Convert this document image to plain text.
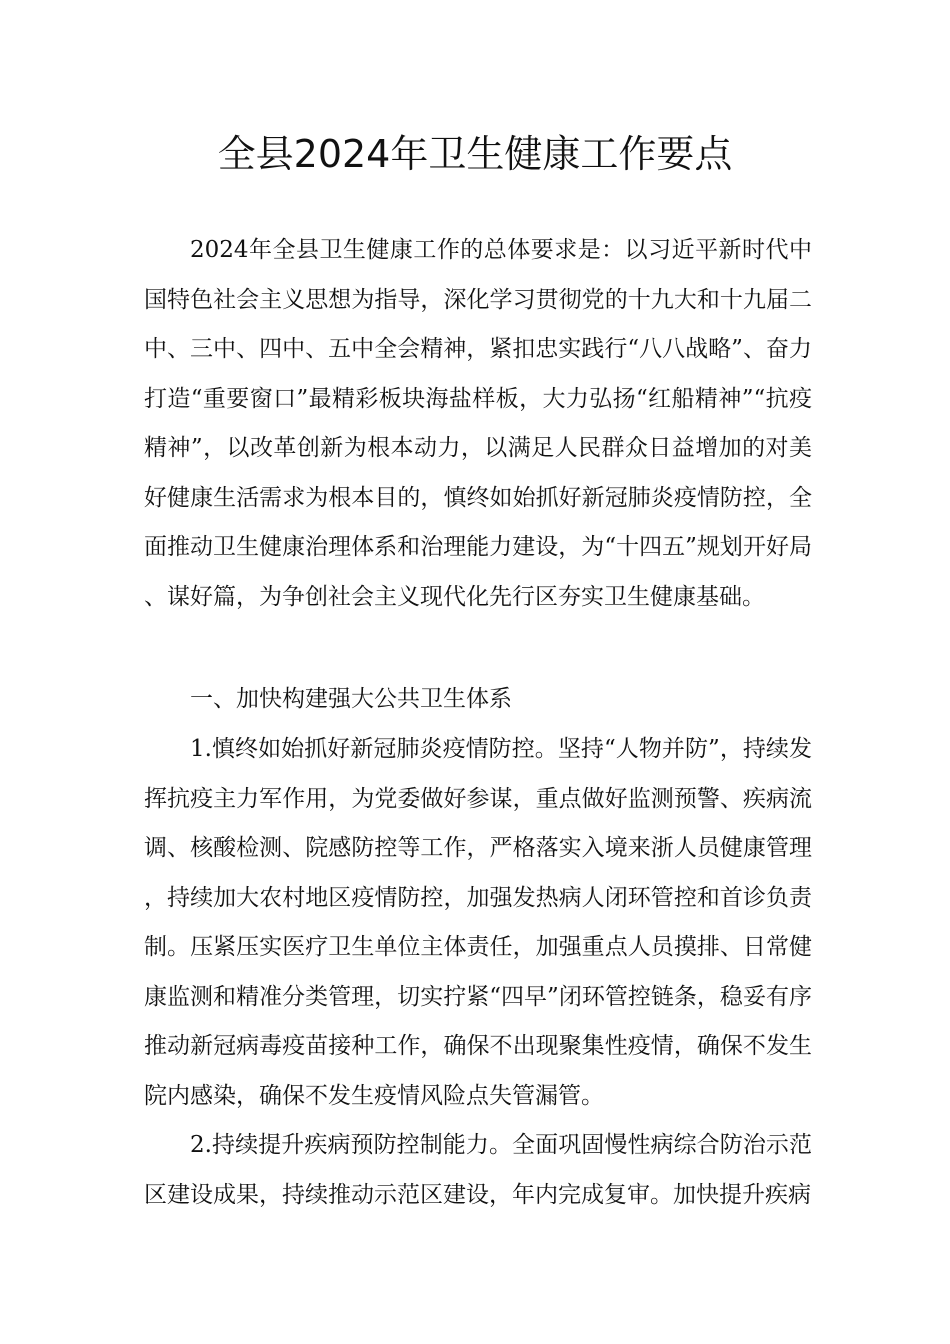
全县2024年卫生健康工作要点

2024年全县卫生健康工作的总体要求是：以习近平新时代中国特色社会主义思想为指导，深化学习贯彻党的十九大和十九届二中、三中、四中、五中全会精神，紧扣忠实践行“八八战略”、奋力打造“重要窗口”最精彩板块海盐样板，大力弘扬“红船精神”“抗疫精神”，以改革创新为根本动力，以满足人民群众日益增加的对美好健康生活需求为根本目的，慎终如始抓好新冠肺炎疫情防控，全面推动卫生健康治理体系和治理能力建设，为“十四五”规划开好局、谋好篇，为争创社会主义现代化先行区夯实卫生健康基础。

一、加快构建强大公共卫生体系

1.慎终如始抓好新冠肺炎疫情防控。坚持“人物并防”，持续发挥抗疫主力军作用，为党委做好参谋，重点做好监测预警、疾病流调、核酸检测、院感防控等工作，严格落实入境来浙人员健康管理，持续加大农村地区疫情防控，加强发热病人闭环管控和首诊负责制。压紧压实医疗卫生单位主体责任，加强重点人员摸排、日常健康监测和精准分类管理，切实拧紧“四早”闭环管控链条，稳妥有序推动新冠病毒疫苗接种工作，确保不出现聚集性疫情，确保不发生院内感染，确保不发生疫情风险点失管漏管。

2.持续提升疾病预防控制能力。全面巩固慢性病综合防治示范区建设成果，持续推动示范区建设，年内完成复审。加快提升疾病
